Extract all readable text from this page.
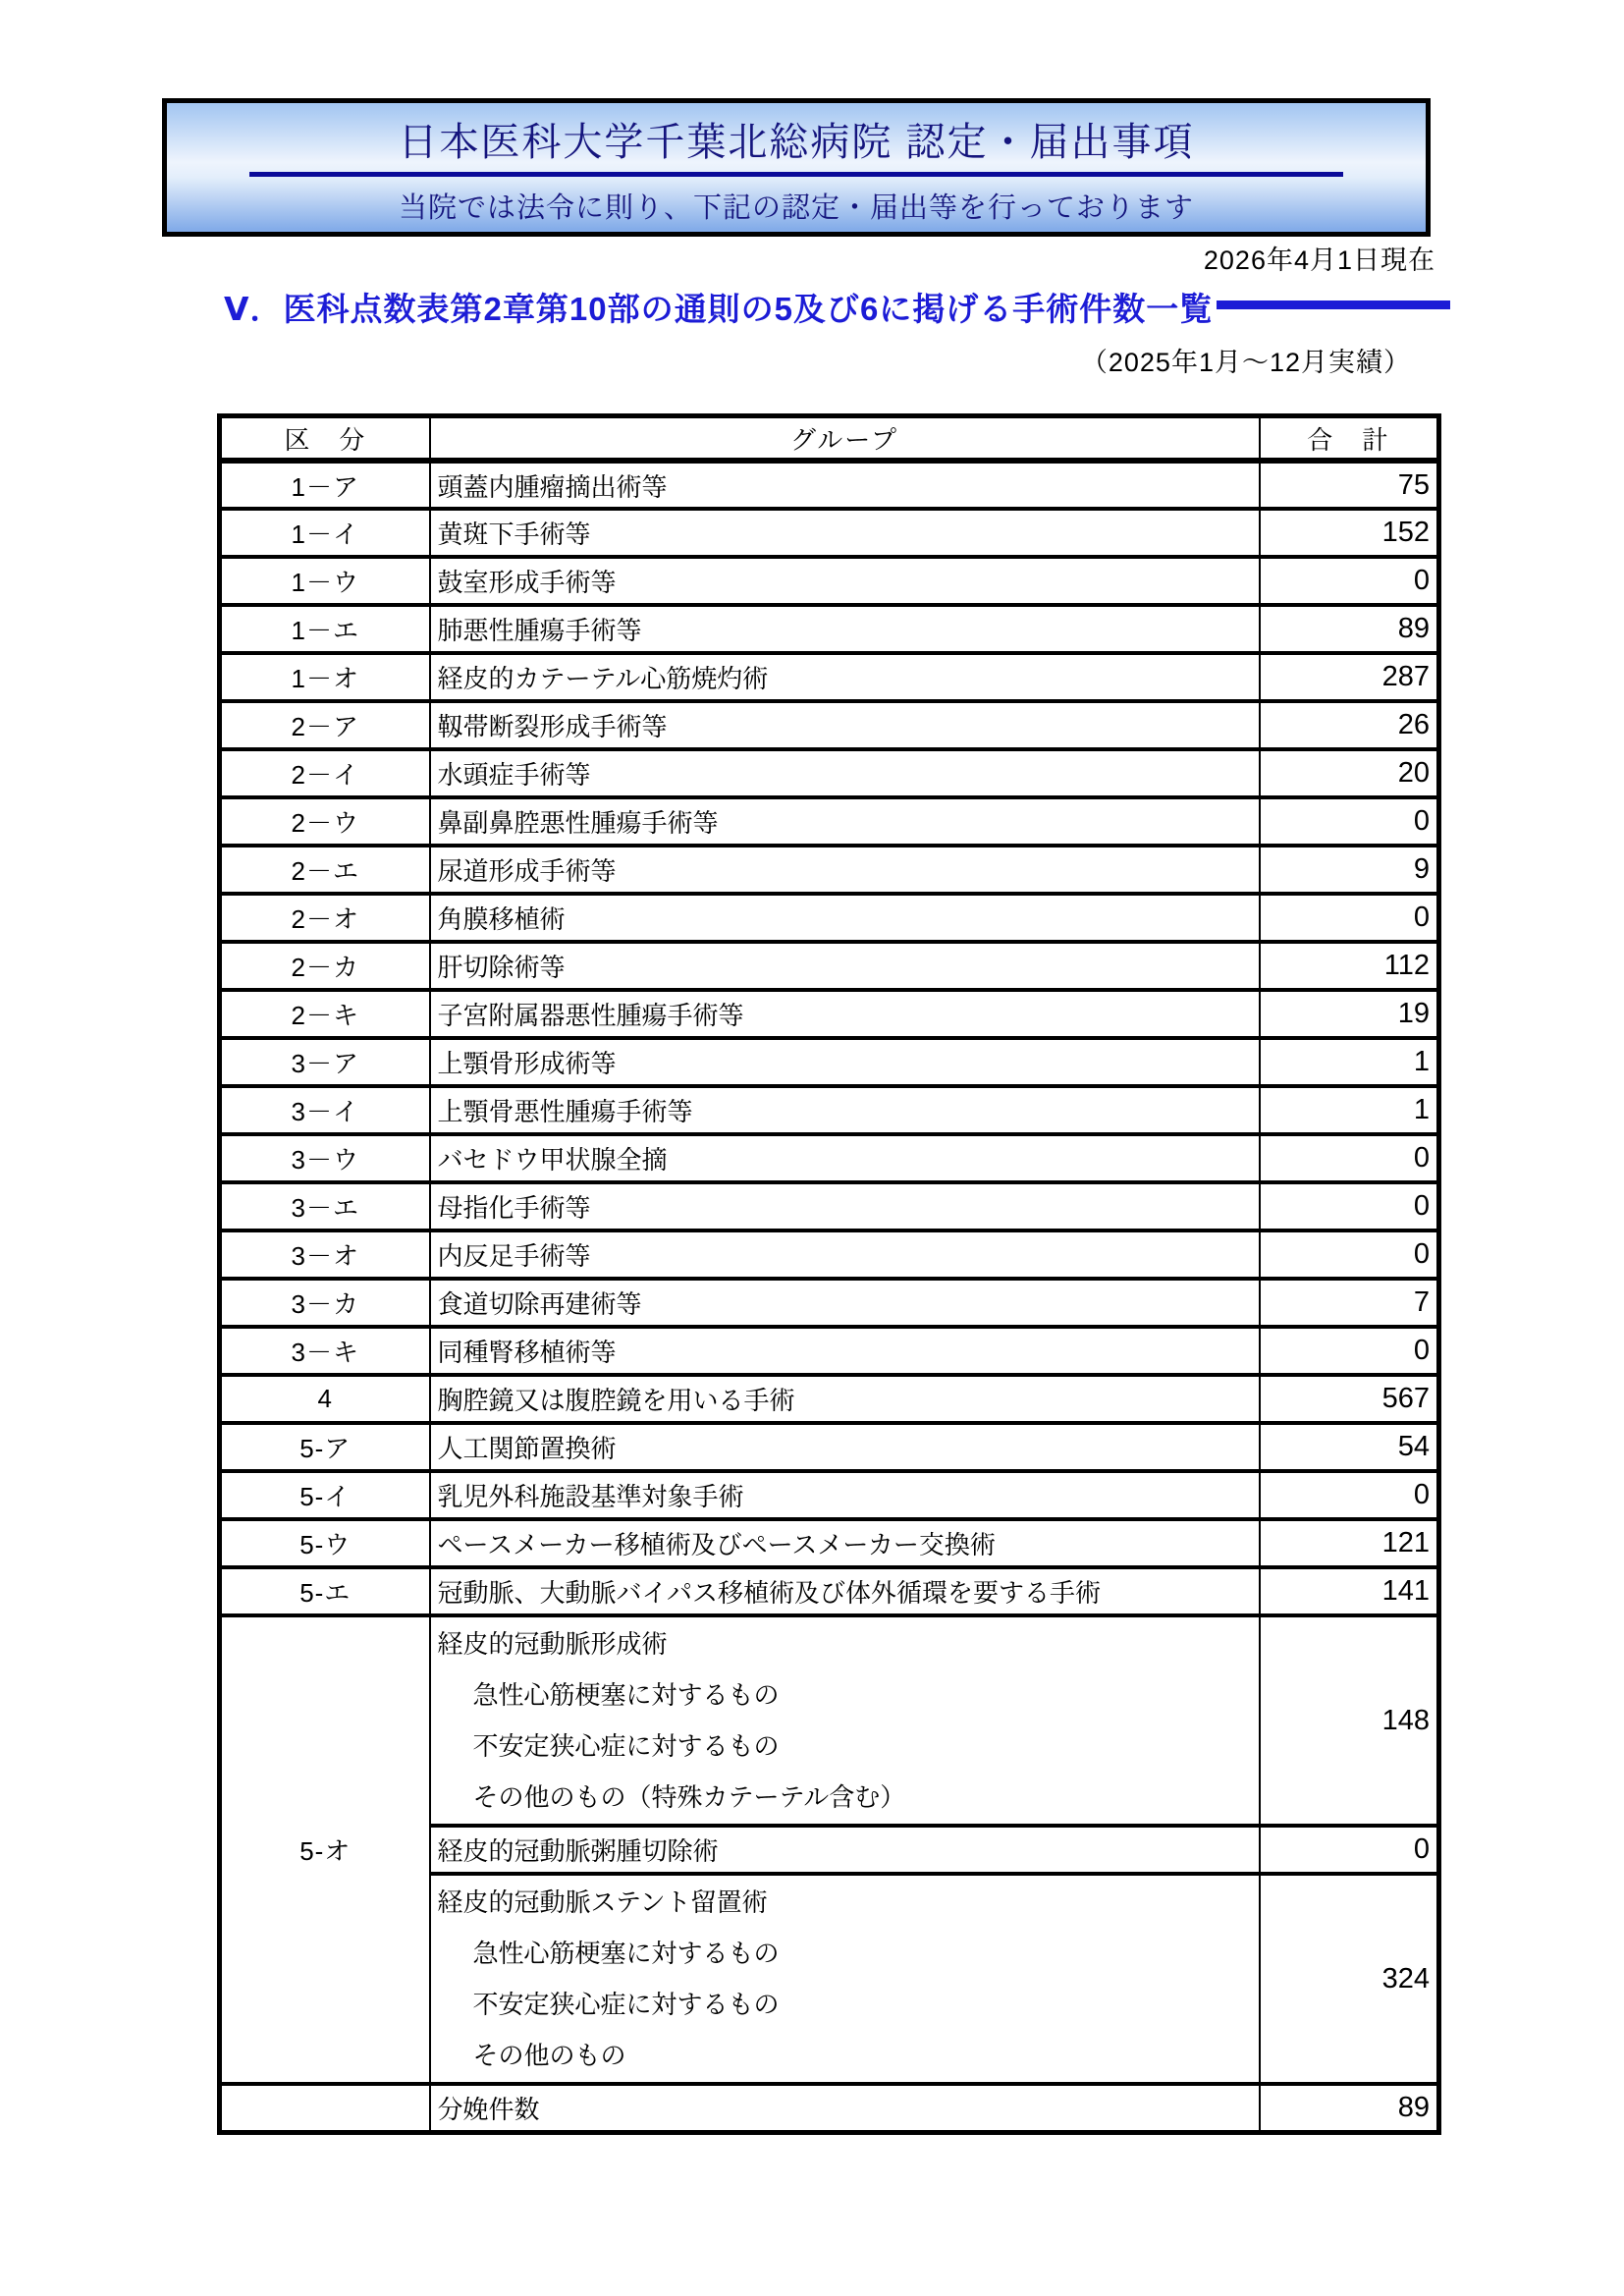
日本医科大学千葉北総病院 認定・届出事項
当院では法令に則り、下記の認定・届出等を行っております
2026年4月1日現在
Ⅴ．医科点数表第2章第10部の通則の5及び6に掲げる手術件数一覧
（2025年1月～12月実績）
区　分	グループ	合　計
1－ア	頭蓋内腫瘤摘出術等	75
1－イ	黄斑下手術等	152
1－ウ	鼓室形成手術等	0
1－エ	肺悪性腫瘍手術等	89
1－オ	経皮的カテーテル心筋焼灼術	287
2－ア	靱帯断裂形成手術等	26
2－イ	水頭症手術等	20
2－ウ	鼻副鼻腔悪性腫瘍手術等	0
2－エ	尿道形成手術等	9
2－オ	角膜移植術	0
2－カ	肝切除術等	112
2－キ	子宮附属器悪性腫瘍手術等	19
3－ア	上顎骨形成術等	1
3－イ	上顎骨悪性腫瘍手術等	1
3－ウ	バセドウ甲状腺全摘	0
3－エ	母指化手術等	0
3－オ	内反足手術等	0
3－カ	食道切除再建術等	7
3－キ	同種腎移植術等	0
4	胸腔鏡又は腹腔鏡を用いる手術	567
5-ア	人工関節置換術	54
5-イ	乳児外科施設基準対象手術	0
5-ウ	ペースメーカー移植術及びペースメーカー交換術	121
5-エ	冠動脈、大動脈バイパス移植術及び体外循環を要する手術	141
5-オ	経皮的冠動脈形成術
急性心筋梗塞に対するもの
不安定狭心症に対するもの
その他のもの（特殊カテーテル含む）	148
	経皮的冠動脈粥腫切除術	0

	経皮的冠動脈ステント留置術
急性心筋梗塞に対するもの
不安定狭心症に対するもの
その他のもの	324
	分娩件数	89
